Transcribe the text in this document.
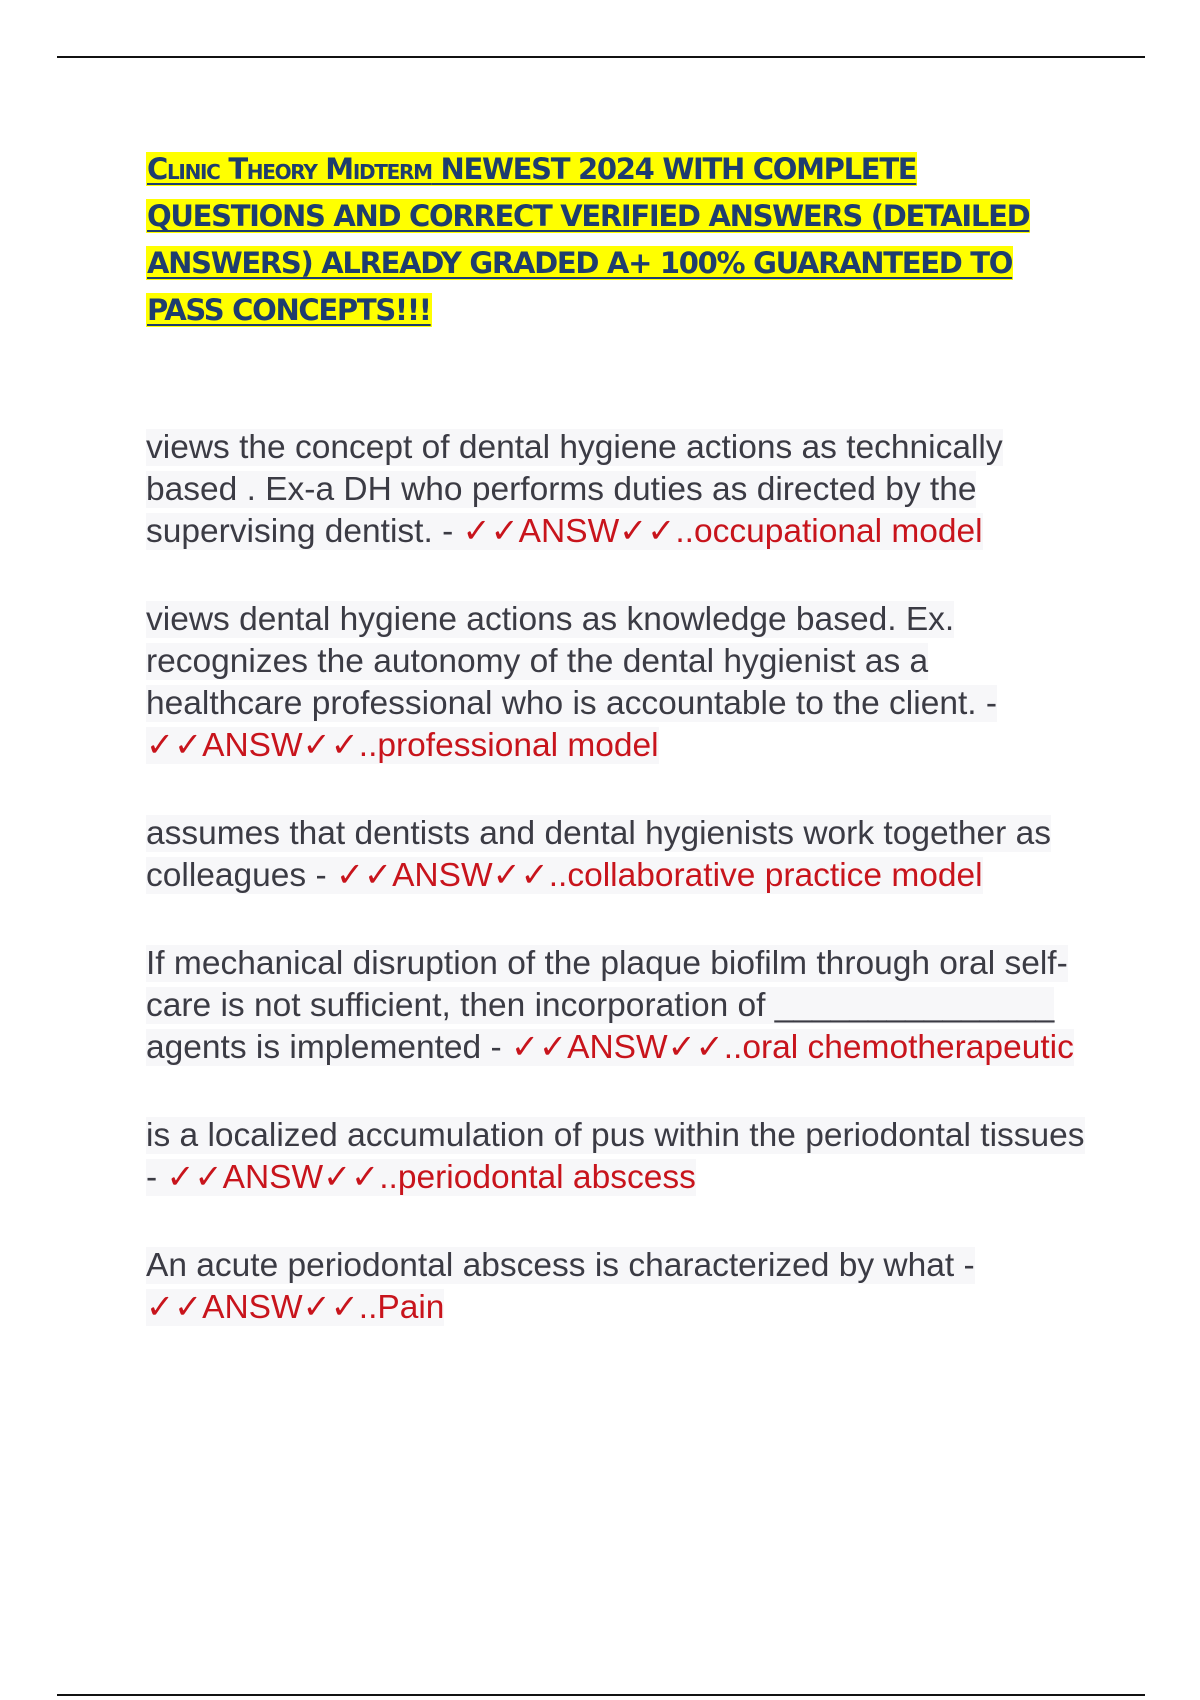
Clinic Theory Midterm NEWEST 2024 WITH COMPLETE QUESTIONS AND CORRECT VERIFIED ANSWERS (DETAILED ANSWERS) ALREADY GRADED A+ 100% GUARANTEED TO PASS CONCEPTS!!!
views the concept of dental hygiene actions as technically based . Ex-a DH who performs duties as directed by the supervising dentist. - ✓✓ANSW✓✓..occupational model
views dental hygiene actions as knowledge based. Ex. recognizes the autonomy of the dental hygienist as a healthcare professional who is accountable to the client. - ✓✓ANSW✓✓..professional model
assumes that dentists and dental hygienists work together as colleagues - ✓✓ANSW✓✓..collaborative practice model
If mechanical disruption of the plaque biofilm through oral self-care is not sufficient, then incorporation of _______________ agents is implemented - ✓✓ANSW✓✓..oral chemotherapeutic
is a localized accumulation of pus within the periodontal tissues - ✓✓ANSW✓✓..periodontal abscess
An acute periodontal abscess is characterized by what - ✓✓ANSW✓✓..Pain
